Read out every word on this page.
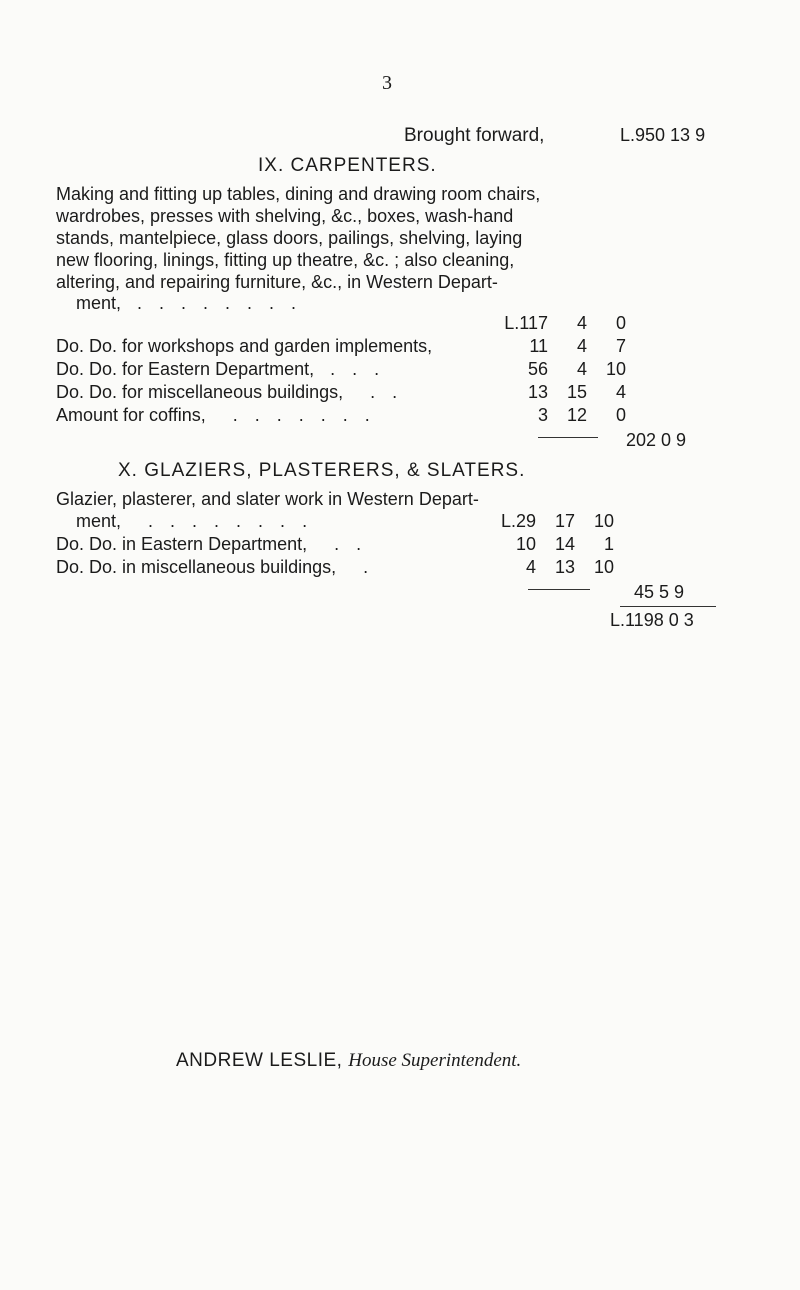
3
Brought forward,	L.950 13 9
IX. CARPENTERS.
Making and fitting up tables, dining and drawing room chairs,
wardrobes, presses with shelving, &c., boxes, wash-hand
stands, mantelpiece, glass doors, pailings, shelving, laying
new flooring, linings, fitting up theatre, &c. ; also cleaning,
altering, and repairing furniture, &c., in Western Depart-
ment,  . . . . . . . .
L.117	4	0
Do. Do. for workshops and garden implements,	11	4	7
Do. Do. for Eastern Department,  . . .	56	4	10
Do. Do. for miscellaneous buildings,   . .	13	15	4
Amount for coffins,   . . . . . . .	3	12	0
202 0 9
X. GLAZIERS, PLASTERERS, & SLATERS.
Glazier, plasterer, and slater work in Western Depart-
ment,   . . . . . . . .	L.29	17	10
Do. Do. in Eastern Department,   . .	10	14	1
Do. Do. in miscellaneous buildings,   .	4	13	10
45 5 9
L.1198 0 3
ANDREW LESLIE, House Superintendent.
